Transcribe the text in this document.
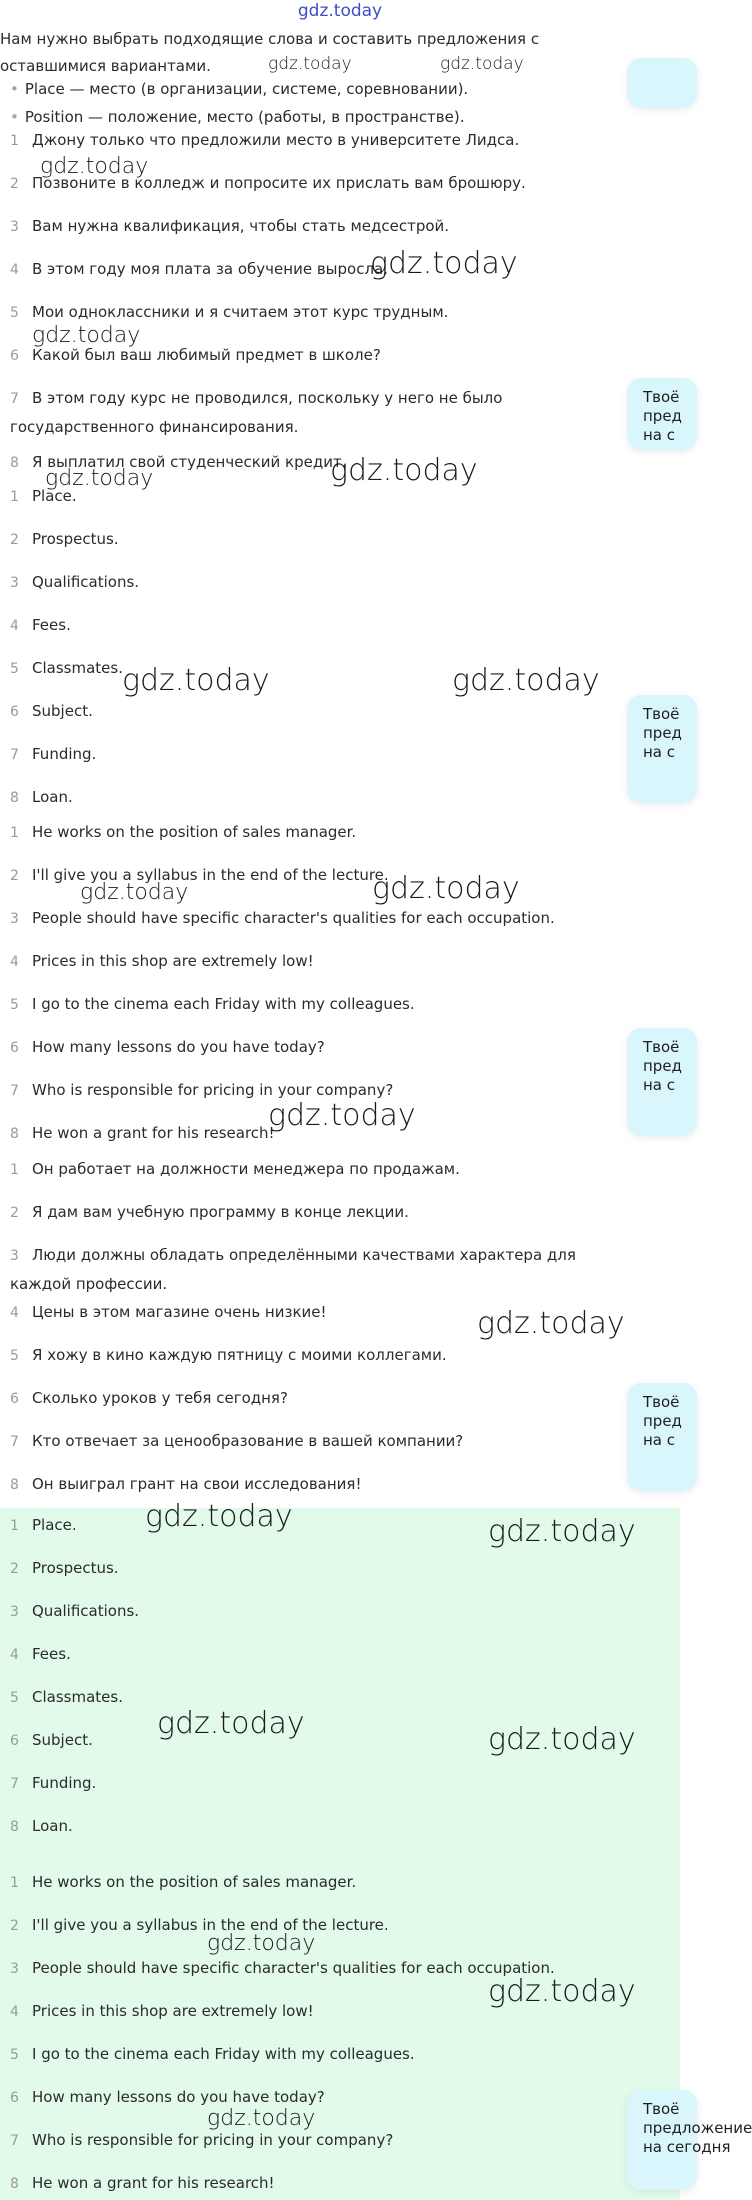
gdz.today
Нам нужно выбрать подходящие слова и составить предложения с оставшимися вариантами.
• Place — место (в организации, системе, соревновании).
• Position — положение, место (работы, в пространстве).
1 Джону только что предложили место в университете Лидса.
2 Позвоните в колледж и попросите их прислать вам брошюру.
3 Вам нужна квалификация, чтобы стать медсестрой.
4 В этом году моя плата за обучение выросла.
5 Мои одноклассники и я считаем этот курс трудным.
6 Какой был ваш любимый предмет в школе?
7 В этом году курс не проводился, поскольку у него не было государственного финансирования.
8 Я выплатил свой студенческий кредит.
1 Place.
2 Prospectus.
3 Qualifications.
4 Fees.
5 Classmates.
6 Subject.
7 Funding.
8 Loan.
1 He works on the position of sales manager.
2 I'll give you a syllabus in the end of the lecture.
3 People should have specific character's qualities for each occupation.
4 Prices in this shop are extremely low!
5 I go to the cinema each Friday with my colleagues.
6 How many lessons do you have today?
7 Who is responsible for pricing in your company?
8 He won a grant for his research!
1 Он работает на должности менеджера по продажам.
2 Я дам вам учебную программу в конце лекции.
3 Люди должны обладать определёнными качествами характера для каждой профессии.
4 Цены в этом магазине очень низкие!
5 Я хожу в кино каждую пятницу с моими коллегами.
6 Сколько уроков у тебя сегодня?
7 Кто отвечает за ценообразование в вашей компании?
8 Он выиграл грант на свои исследования!
1 Place.
2 Prospectus.
3 Qualifications.
4 Fees.
5 Classmates.
6 Subject.
7 Funding.
8 Loan.
1 He works on the position of sales manager.
2 I'll give you a syllabus in the end of the lecture.
3 People should have specific character's qualities for each occupation.
4 Prices in this shop are extremely low!
5 I go to the cinema each Friday with my colleagues.
6 How many lessons do you have today?
7 Who is responsible for pricing in your company?
8 He won a grant for his research!
Твоё
пред
на с
Твоё
пред
на с
Твоё
пред
на с
Твоё
пред
на с
Твоё
предложение
на сегодня
gdz.today	gdz.today
gdz.today
gdz.today
gdz.today
gdz.today	gdz.today
gdz.today	gdz.today
gdz.today	gdz.today
gdz.today
gdz.today
gdz.today	gdz.today
gdz.today	gdz.today
gdz.today
gdz.today
gdz.today
